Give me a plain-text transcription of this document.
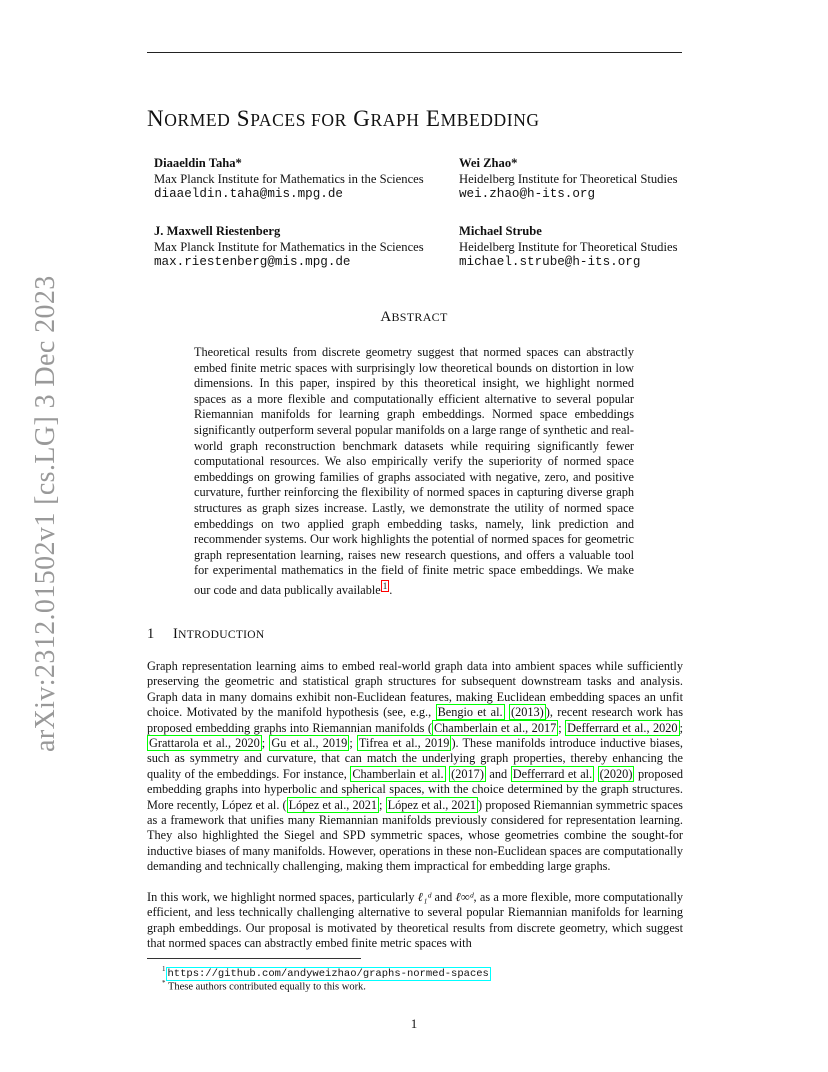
arXiv:2312.01502v1 [cs.LG] 3 Dec 2023
NORMED SPACES FOR GRAPH EMBEDDING
Diaaeldin Taha*
Max Planck Institute for Mathematics in the Sciences
diaaeldin.taha@mis.mpg.de
Wei Zhao*
Heidelberg Institute for Theoretical Studies
wei.zhao@h-its.org
J. Maxwell Riestenberg
Max Planck Institute for Mathematics in the Sciences
max.riestenberg@mis.mpg.de
Michael Strube
Heidelberg Institute for Theoretical Studies
michael.strube@h-its.org
ABSTRACT
Theoretical results from discrete geometry suggest that normed spaces can abstractly embed finite metric spaces with surprisingly low theoretical bounds on distortion in low dimensions. In this paper, inspired by this theoretical insight, we highlight normed spaces as a more flexible and computationally efficient alternative to several popular Riemannian manifolds for learning graph embeddings. Normed space embeddings significantly outperform several popular manifolds on a large range of synthetic and real-world graph reconstruction benchmark datasets while requiring significantly fewer computational resources. We also empirically verify the superiority of normed space embeddings on growing families of graphs associated with negative, zero, and positive curvature, further reinforcing the flexibility of normed spaces in capturing diverse graph structures as graph sizes increase. Lastly, we demonstrate the utility of normed space embeddings on two applied graph embedding tasks, namely, link prediction and recommender systems. Our work highlights the potential of normed spaces for geometric graph representation learning, raises new research questions, and offers a valuable tool for experimental mathematics in the field of finite metric space embeddings. We make our code and data publically available $^1$ .
1 INTRODUCTION
Graph representation learning aims to embed real-world graph data into ambient spaces while sufficiently preserving the geometric and statistical graph structures for subsequent downstream tasks and analysis. Graph data in many domains exhibit non-Euclidean features, making Euclidean embedding spaces an unfit choice. Motivated by the manifold hypothesis (see, e.g., Bengio et al. (2013) ), recent research work has proposed embedding graphs into Riemannian manifolds ( Chamberlain et al., 2017 ; Defferrard et al., 2020 ; Grattarola et al., 2020 ; Gu et al., 2019 ; Tifrea et al., 2019 ). These manifolds introduce inductive biases, such as symmetry and curvature, that can match the underlying graph properties, thereby enhancing the quality of the embeddings. For instance, Chamberlain et al. (2017) and Defferrard et al. (2020) proposed embedding graphs into hyperbolic and spherical spaces, with the choice determined by the graph structures. More recently, López et al. ( López et al., 2021 ; López et al., 2021 ) proposed Riemannian symmetric spaces as a framework that unifies many Riemannian manifolds previously considered for representation learning. They also highlighted the Siegel and SPD symmetric spaces, whose geometries combine the sought-for inductive biases of many manifolds. However, operations in these non-Euclidean spaces are computationally demanding and technically challenging, making them impractical for embedding large graphs.
In this work, we highlight normed spaces, particularly ℓ₁ᵈ and ℓ∞ᵈ, as a more flexible, more computationally efficient, and less technically challenging alternative to several popular Riemannian manifolds for learning graph embeddings. Our proposal is motivated by theoretical results from discrete geometry, which suggest that normed spaces can abstractly embed finite metric spaces with
$^1$ https://github.com/andyweizhao/graphs-normed-spaces
* These authors contributed equally to this work.
1
